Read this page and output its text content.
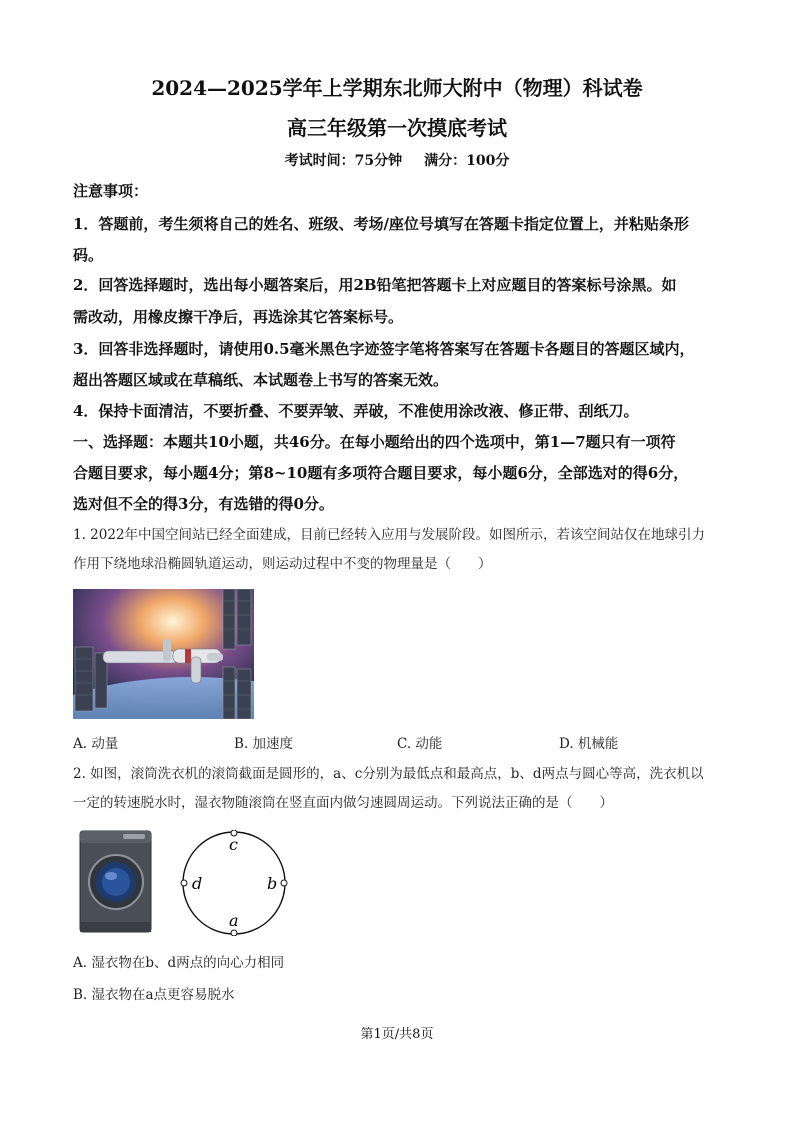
2024—2025学年上学期东北师大附中（物理）科试卷
高三年级第一次摸底考试
考试时间：75分钟 满分：100分
注意事项：
1．答题前，考生须将自己的姓名、班级、考场/座位号填写在答题卡指定位置上，并粘贴条形
码。
2．回答选择题时，选出每小题答案后，用2B铅笔把答题卡上对应题目的答案标号涂黑。如
需改动，用橡皮擦干净后，再选涂其它答案标号。
3．回答非选择题时，请使用0.5毫米黑色字迹签字笔将答案写在答题卡各题目的答题区域内，
超出答题区域或在草稿纸、本试题卷上书写的答案无效。
4．保持卡面清洁，不要折叠、不要弄皱、弄破，不准使用涂改液、修正带、刮纸刀。
一、选择题：本题共10小题，共46分。在每小题给出的四个选项中，第1—7题只有一项符
合题目要求，每小题4分；第8~10题有多项符合题目要求，每小题6分，全部选对的得6分，
选对但不全的得3分，有选错的得0分。
1. 2022年中国空间站已经全面建成，目前已经转入应用与发展阶段。如图所示，若该空间站仅在地球引力
作用下绕地球沿椭圆轨道运动，则运动过程中不变的物理量是（　　）
A. 动量	B. 加速度	C. 动能	D. 机械能
2. 如图，滚筒洗衣机的滚筒截面是圆形的，a、c分别为最低点和最高点，b、d两点与圆心等高，洗衣机以
一定的转速脱水时，湿衣物随滚筒在竖直面内做匀速圆周运动。下列说法正确的是（　　）
c
d	b
a
A. 湿衣物在b、d两点的向心力相同
B. 湿衣物在a点更容易脱水
第1页/共8页
